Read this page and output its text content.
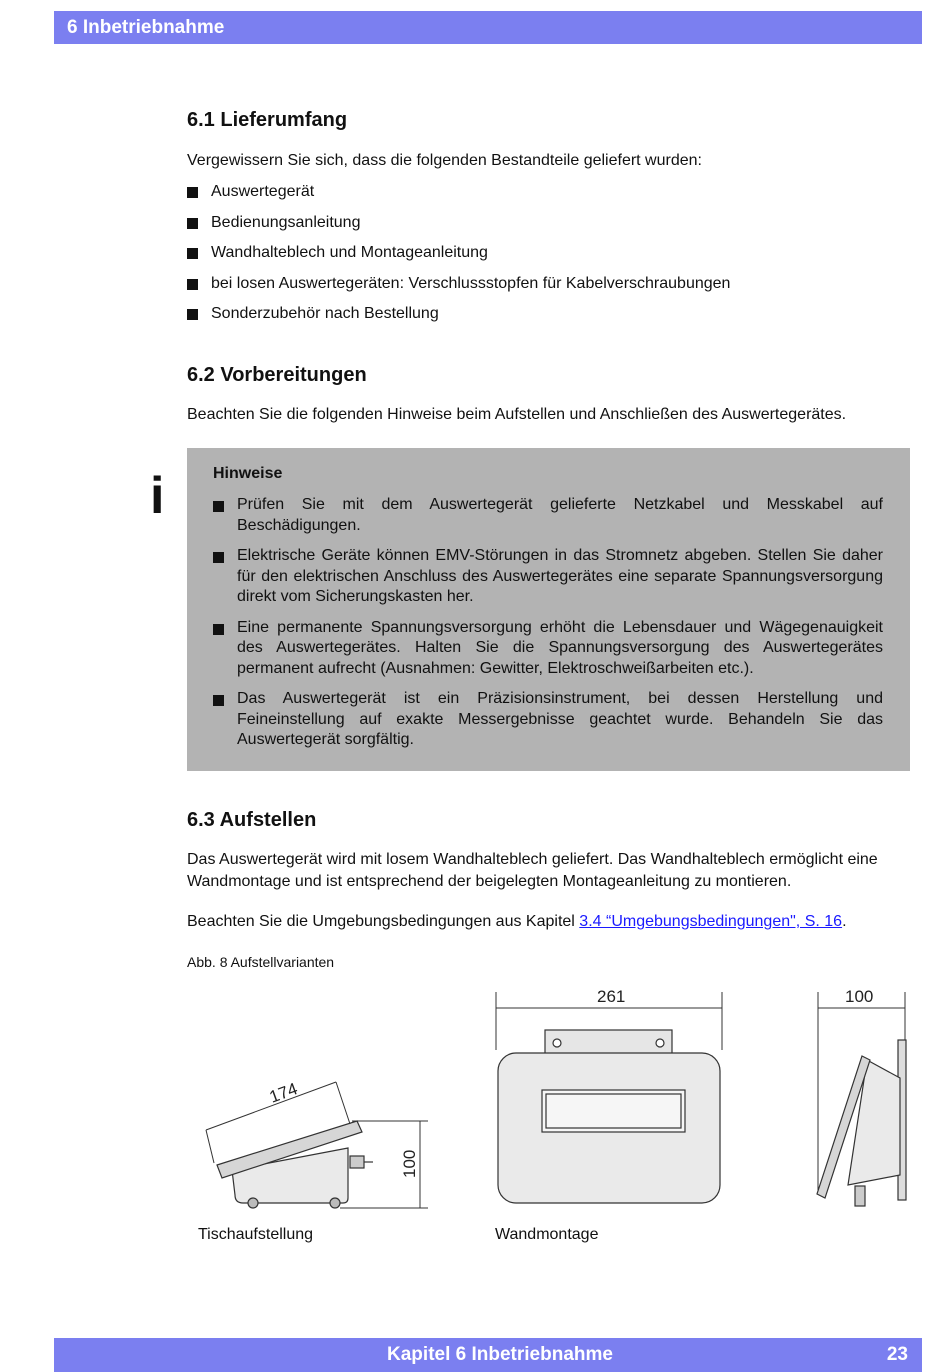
6 Inbetriebnahme
6.1 Lieferumfang

Vergewissern Sie sich, dass die folgenden Bestandteile geliefert wurden:

Auswertegerät
Bedienungsanleitung
Wandhalteblech und Montageanleitung
bei losen Auswertegeräten: Verschlussstopfen für Kabelverschraubungen
Sonderzubehör nach Bestellung
6.2 Vorbereitungen

Beachten Sie die folgenden Hinweise beim Aufstellen und Anschließen des Auswertegerätes.

i	Hinweise

Prüfen Sie mit dem Auswertegerät gelieferte Netzkabel und Messkabel auf Beschädigungen.
Elektrische Geräte können EMV-Störungen in das Stromnetz abgeben. Stellen Sie daher für den elektrischen Anschluss des Auswertegerätes eine separate Spannungsversorgung direkt vom Sicherungskasten her.
Eine permanente Spannungsversorgung erhöht die Lebensdauer und Wägegenauigkeit des Auswertegerätes. Halten Sie die Spannungsversorgung des Auswertegerätes permanent aufrecht (Ausnahmen: Gewitter, Elektroschweißarbeiten etc.).
Das Auswertegerät ist ein Präzisionsinstrument, bei dessen Herstellung und Feineinstellung auf exakte Messergebnisse geachtet wurde. Behandeln Sie das Auswertegerät sorgfältig.
6.3 Aufstellen

Das Auswertegerät wird mit losem Wandhalteblech geliefert. Das Wandhalteblech ermöglicht eine Wandmontage und ist entsprechend der beigelegten Montageanleitung zu montieren.

Beachten Sie die Umgebungsbedingungen aus Kapitel 3.4 “Umgebungsbedingungen", S. 16.

Abb. 8 Aufstellvarianten

174
100
261	100
Tischaufstellung	Wandmontage
Kapitel 6 Inbetriebnahme	23
